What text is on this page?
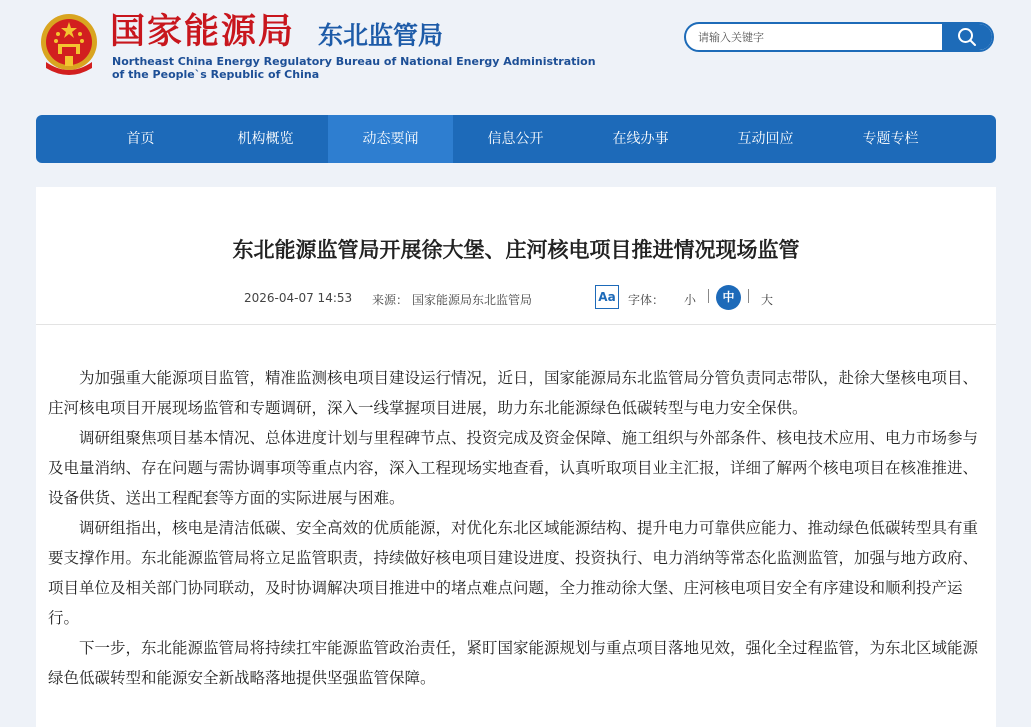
国家能源局 东北监管局
Northeast China Energy Regulatory Bureau of National Energy Administration
of the People`s Republic of China
请输入关键字
首页	机构概览	动态要闻	信息公开	在线办事	互动回应	专题专栏
东北能源监管局开展徐大堡、庄河核电项目推进情况现场监管
2026-04-07 14:53 来源： 国家能源局东北监管局	Aa 字体： 小	中	大

为加强重大能源项目监管，精准监测核电项目建设运行情况，近日，国家能源局东北监管局分管负责同志带队，赴徐大堡核电项目、庄河核电项目开展现场监管和专题调研，深入一线掌握项目进展，助力东北能源绿色低碳转型与电力安全保供。

调研组聚焦项目基本情况、总体进度计划与里程碑节点、投资完成及资金保障、施工组织与外部条件、核电技术应用、电力市场参与及电量消纳、存在问题与需协调事项等重点内容，深入工程现场实地查看，认真听取项目业主汇报，详细了解两个核电项目在核准推进、设备供货、送出工程配套等方面的实际进展与困难。

调研组指出，核电是清洁低碳、安全高效的优质能源，对优化东北区域能源结构、提升电力可靠供应能力、推动绿色低碳转型具有重要支撑作用。东北能源监管局将立足监管职责，持续做好核电项目建设进度、投资执行、电力消纳等常态化监测监管，加强与地方政府、项目单位及相关部门协同联动，及时协调解决项目推进中的堵点难点问题，全力推动徐大堡、庄河核电项目安全有序建设和顺利投产运行。

下一步，东北能源监管局将持续扛牢能源监管政治责任，紧盯国家能源规划与重点项目落地见效，强化全过程监管，为东北区域能源绿色低碳转型和能源安全新战略落地提供坚强监管保障。
